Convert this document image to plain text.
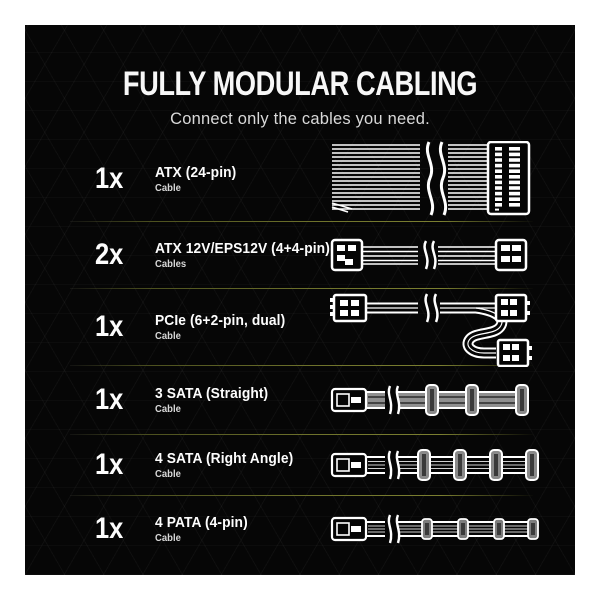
FULLY MODULAR CABLING
Connect only the cables you need.
1x	ATX (24-pin)
Cable
2x	ATX 12V/EPS12V (4+4-pin)
Cables
1x	PCIe (6+2-pin, dual)
Cable
1x	3 SATA (Straight)
Cable
1x	4 SATA (Right Angle)
Cable
1x	4 PATA (4-pin)
Cable
